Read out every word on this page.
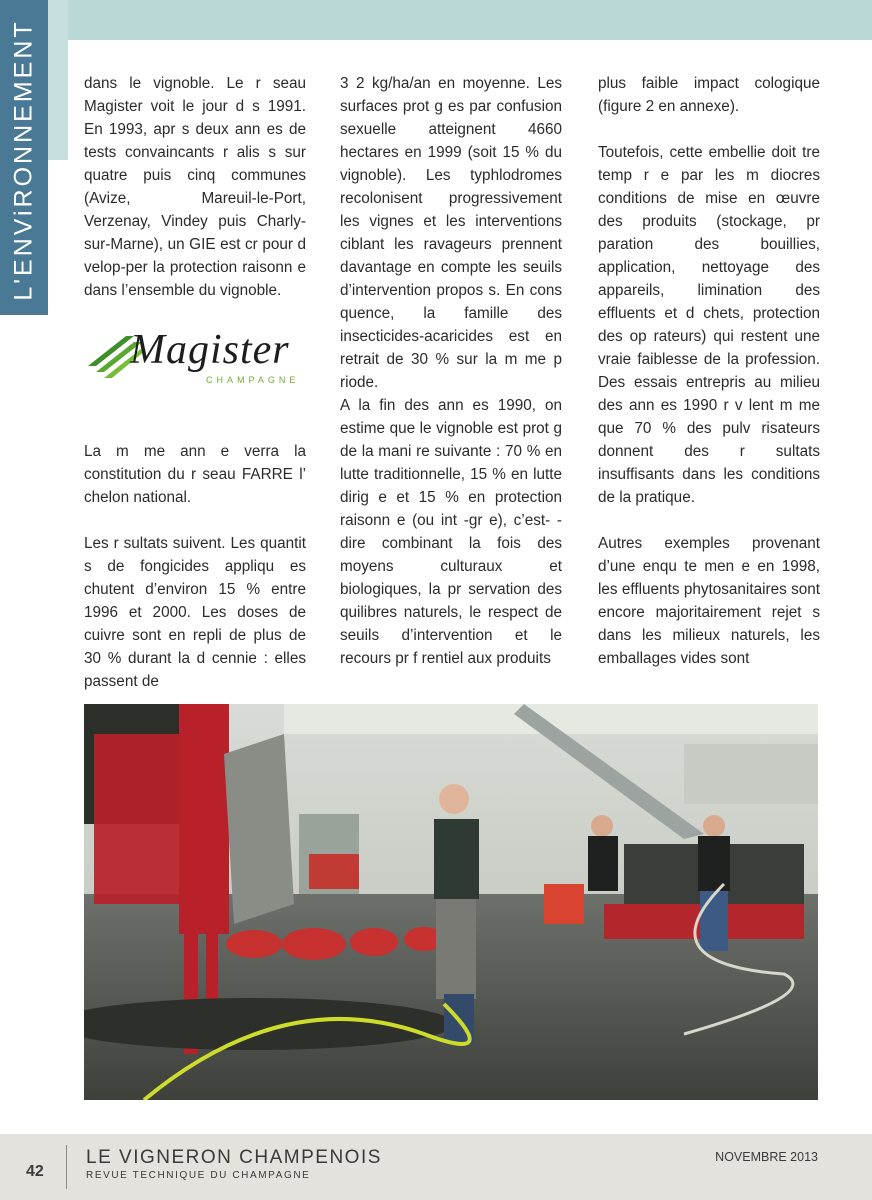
L'ENViRONNEMENT	dans le vignoble. Le r seau Magister voit le jour d s 1991. En 1993, apr s deux ann es de tests convaincants r alis s sur quatre puis cinq communes (Avize, Mareuil-le-Port, Verzenay, Vindey puis Charly-sur-Marne), un GIE est cr pour d velop-per la protection raisonn e dans l’ensemble du vignoble.

La m me ann e verra la constitution du r seau FARRE l’ chelon national.

Les r sultats suivent. Les quantit s de fongicides appliqu es chutent d’environ 15 % entre 1996 et 2000. Les doses de cuivre sont en repli de plus de 30 % durant la d cennie : elles passent de

Magister
CHAMPAGNE

3 2 kg/ha/an en moyenne. Les surfaces prot g es par confusion sexuelle atteignent 4660 hectares en 1999 (soit 15 % du vignoble). Les typhlodromes recolonisent progressivement les vignes et les interventions ciblant les ravageurs prennent davantage en compte les seuils d’intervention propos s. En cons quence, la famille des insecticides-acaricides est en retrait de 30 % sur la m me p riode.

A la fin des ann es 1990, on estime que le vignoble est prot g de la mani re suivante : 70 % en lutte traditionnelle, 15 % en lutte dirig e et 15 % en protection raisonn e (ou int -gr e), c’est- -dire combinant la fois des moyens culturaux et biologiques, la pr servation des quilibres naturels, le respect de seuils d’intervention et le recours pr f rentiel aux produits

plus faible impact cologique (figure 2 en annexe).

Toutefois, cette embellie doit tre temp r e par les m diocres conditions de mise en œuvre des produits (stockage, pr paration des bouillies, application, nettoyage des appareils, limination des effluents et d chets, protection des op rateurs) qui restent une vraie faiblesse de la profession. Des essais entrepris au milieu des ann es 1990 r v lent m me que 70 % des pulv risateurs donnent des r sultats insuffisants dans les conditions de la pratique.

Autres exemples provenant d’une enqu te men e en 1998, les effluents phytosanitaires sont encore majoritairement rejet s dans les milieux naturels, les emballages vides sont

42
LE VIGNERON CHAMPENOIS
REVUE TECHNIQUE DU CHAMPAGNE
NOVEMBRE 2013
